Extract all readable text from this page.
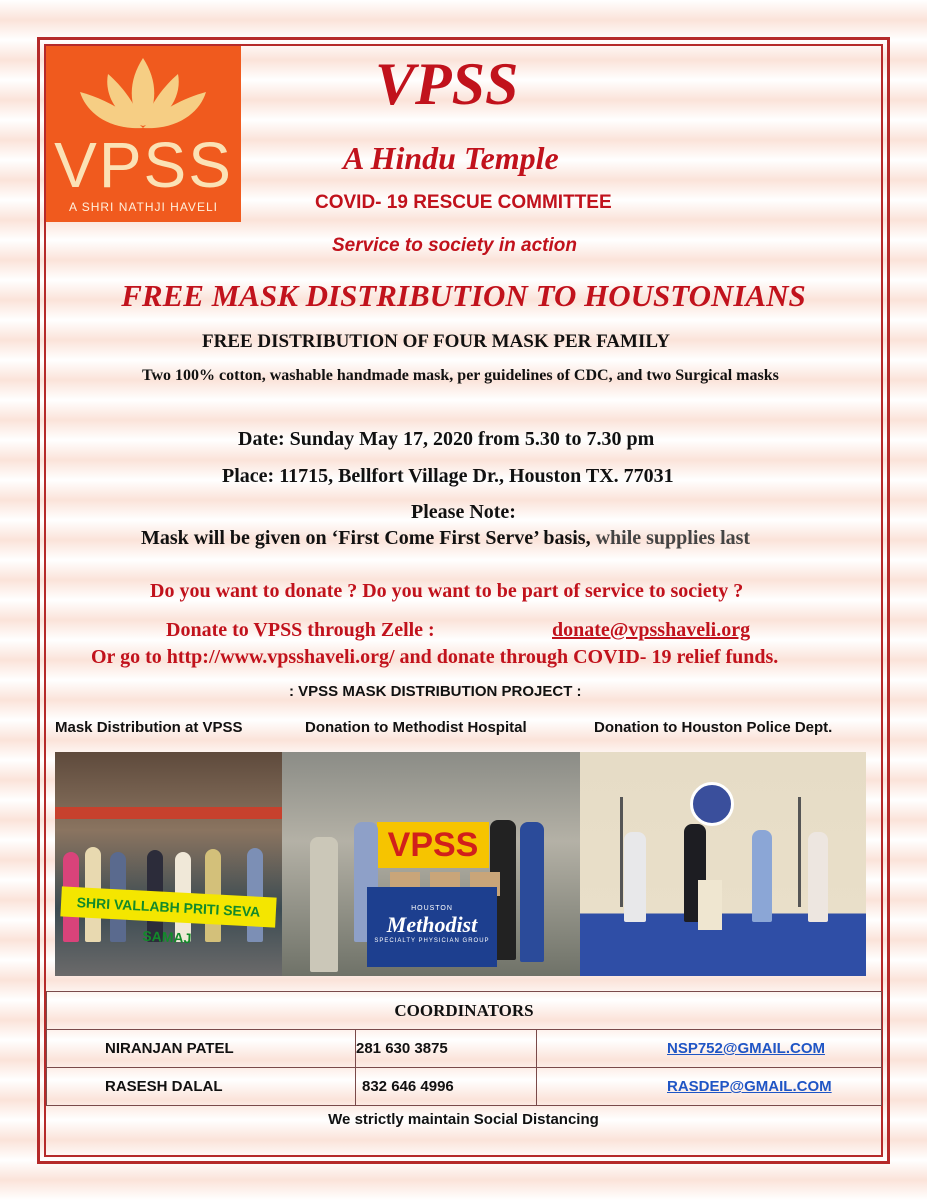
VPSS
A SHRI NATHJI HAVELI
VPSS
A Hindu Temple
COVID- 19 RESCUE COMMITTEE
Service to society in action
FREE MASK DISTRIBUTION TO HOUSTONIANS
FREE DISTRIBUTION OF FOUR MASK PER FAMILY
Two 100% cotton, washable handmade mask, per guidelines of CDC, and two Surgical masks
Date: Sunday May 17, 2020 from 5.30 to 7.30 pm
Place: 11715, Bellfort Village Dr., Houston TX. 77031
Please Note:
Mask will be given on ‘First Come First Serve’ basis, while supplies last
Do you want to donate ? Do you want to be part of service to society ?
Donate to VPSS through Zelle :	donate@vpsshaveli.org
Or go to http://www.vpsshaveli.org/ and donate through COVID- 19 relief funds.
: VPSS MASK DISTRIBUTION PROJECT :
Mask Distribution at VPSS	Donation to Methodist Hospital	Donation to Houston Police Dept.
SHRI VALLABH PRITI SEVA SAMAJ
VPSS
HOUSTON
Methodist
SPECIALTY PHYSICIAN GROUP
COORDINATORS		
NIRANJAN PATEL	281 630 3875	NSP752@GMAIL.COM
RASESH DALAL	832 646 4996	RASDEP@GMAIL.COM
We strictly maintain Social Distancing
